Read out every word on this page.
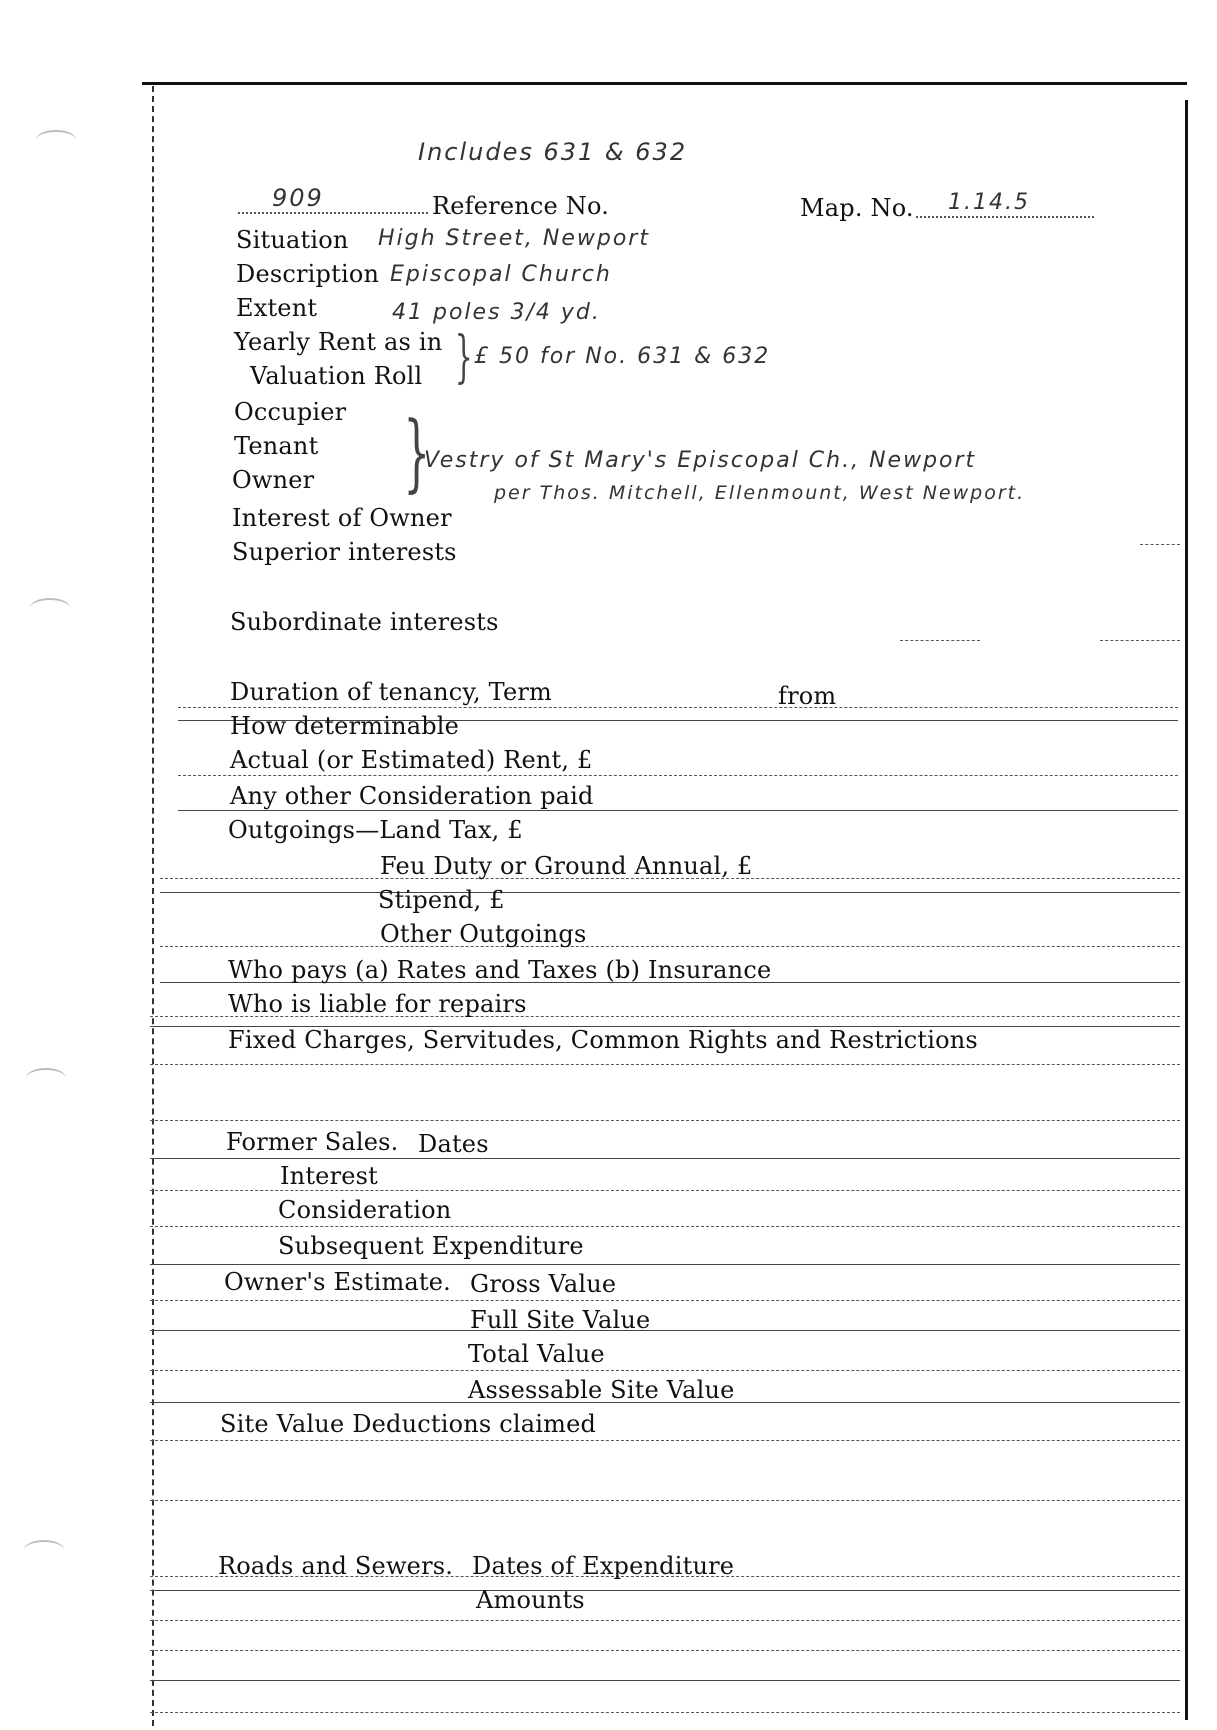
Includes 631 & 632
909	Reference No.	Map. No. 1.14.5
Situation High Street, Newport
Description Episcopal Church
Extent	41 poles 3/4 yd.
Yearly Rent as in
Valuation Roll } £ 50 for No. 631 & 632
Occupier
Tenant
Owner }
Vestry of St Mary's Episcopal Ch., Newport
per Thos. Mitchell, Ellenmount, West Newport.
Interest of Owner
Superior interests
Subordinate interests
Duration of tenancy, Term	from
How determinable
Actual (or Estimated) Rent, £
Any other Consideration paid
Outgoings—Land Tax, £
Feu Duty or Ground Annual, £
Stipend, £
Other Outgoings
Who pays (a) Rates and Taxes (b) Insurance
Who is liable for repairs
Fixed Charges, Servitudes, Common Rights and Restrictions
Former Sales. Dates
Interest
Consideration
Subsequent Expenditure
Owner's Estimate. Gross Value
Full Site Value
Total Value
Assessable Site Value
Site Value Deductions claimed
Roads and Sewers. Dates of Expenditure
Amounts
